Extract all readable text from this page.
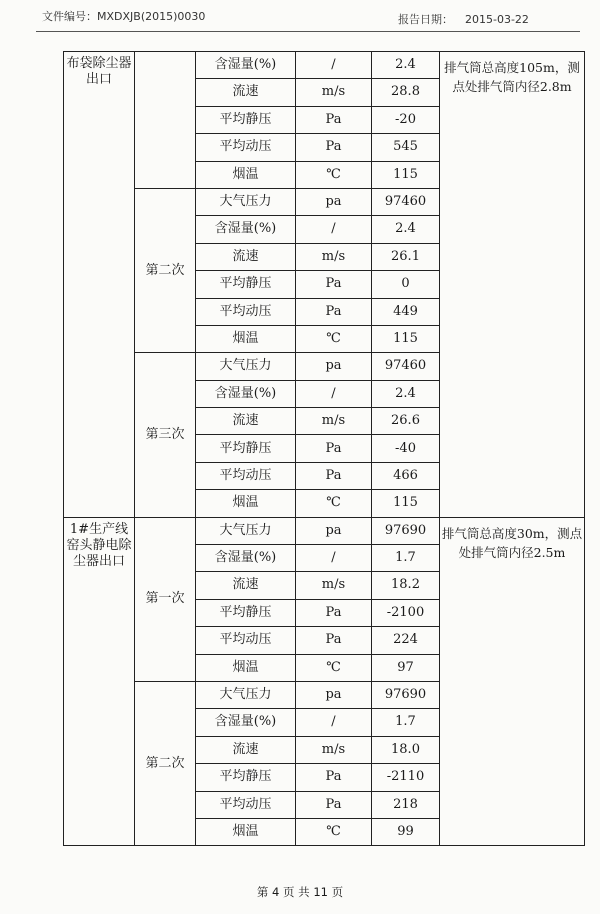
文件编号：MXDXJB(2015)0030	报告日期： 2015-03-22
布袋除尘器出口		含湿量(%)	/	2.4	排气筒总高度105m，测点处排气筒内径2.8m
		流速	m/s	28.8	
		平均静压	Pa	-20	
		平均动压	Pa	545	
		烟温	℃	115	
	第二次	大气压力	pa	97460	
		含湿量(%)	/	2.4	
		流速	m/s	26.1	
		平均静压	Pa	0	
		平均动压	Pa	449	
		烟温	℃	115	
	第三次	大气压力	pa	97460	
		含湿量(%)	/	2.4	
		流速	m/s	26.6	
		平均静压	Pa	-40	
		平均动压	Pa	466	
		烟温	℃	115	
1#生产线窑头静电除尘器出口	第一次	大气压力	pa	97690	排气筒总高度30m，测点处排气筒内径2.5m
		含湿量(%)	/	1.7	
		流速	m/s	18.2	
		平均静压	Pa	-2100	
		平均动压	Pa	224	
		烟温	℃	97	
	第二次	大气压力	pa	97690	
		含湿量(%)	/	1.7	
		流速	m/s	18.0	
		平均静压	Pa	-2110	
		平均动压	Pa	218	
		烟温	℃	99	
第 4 页 共 11 页
